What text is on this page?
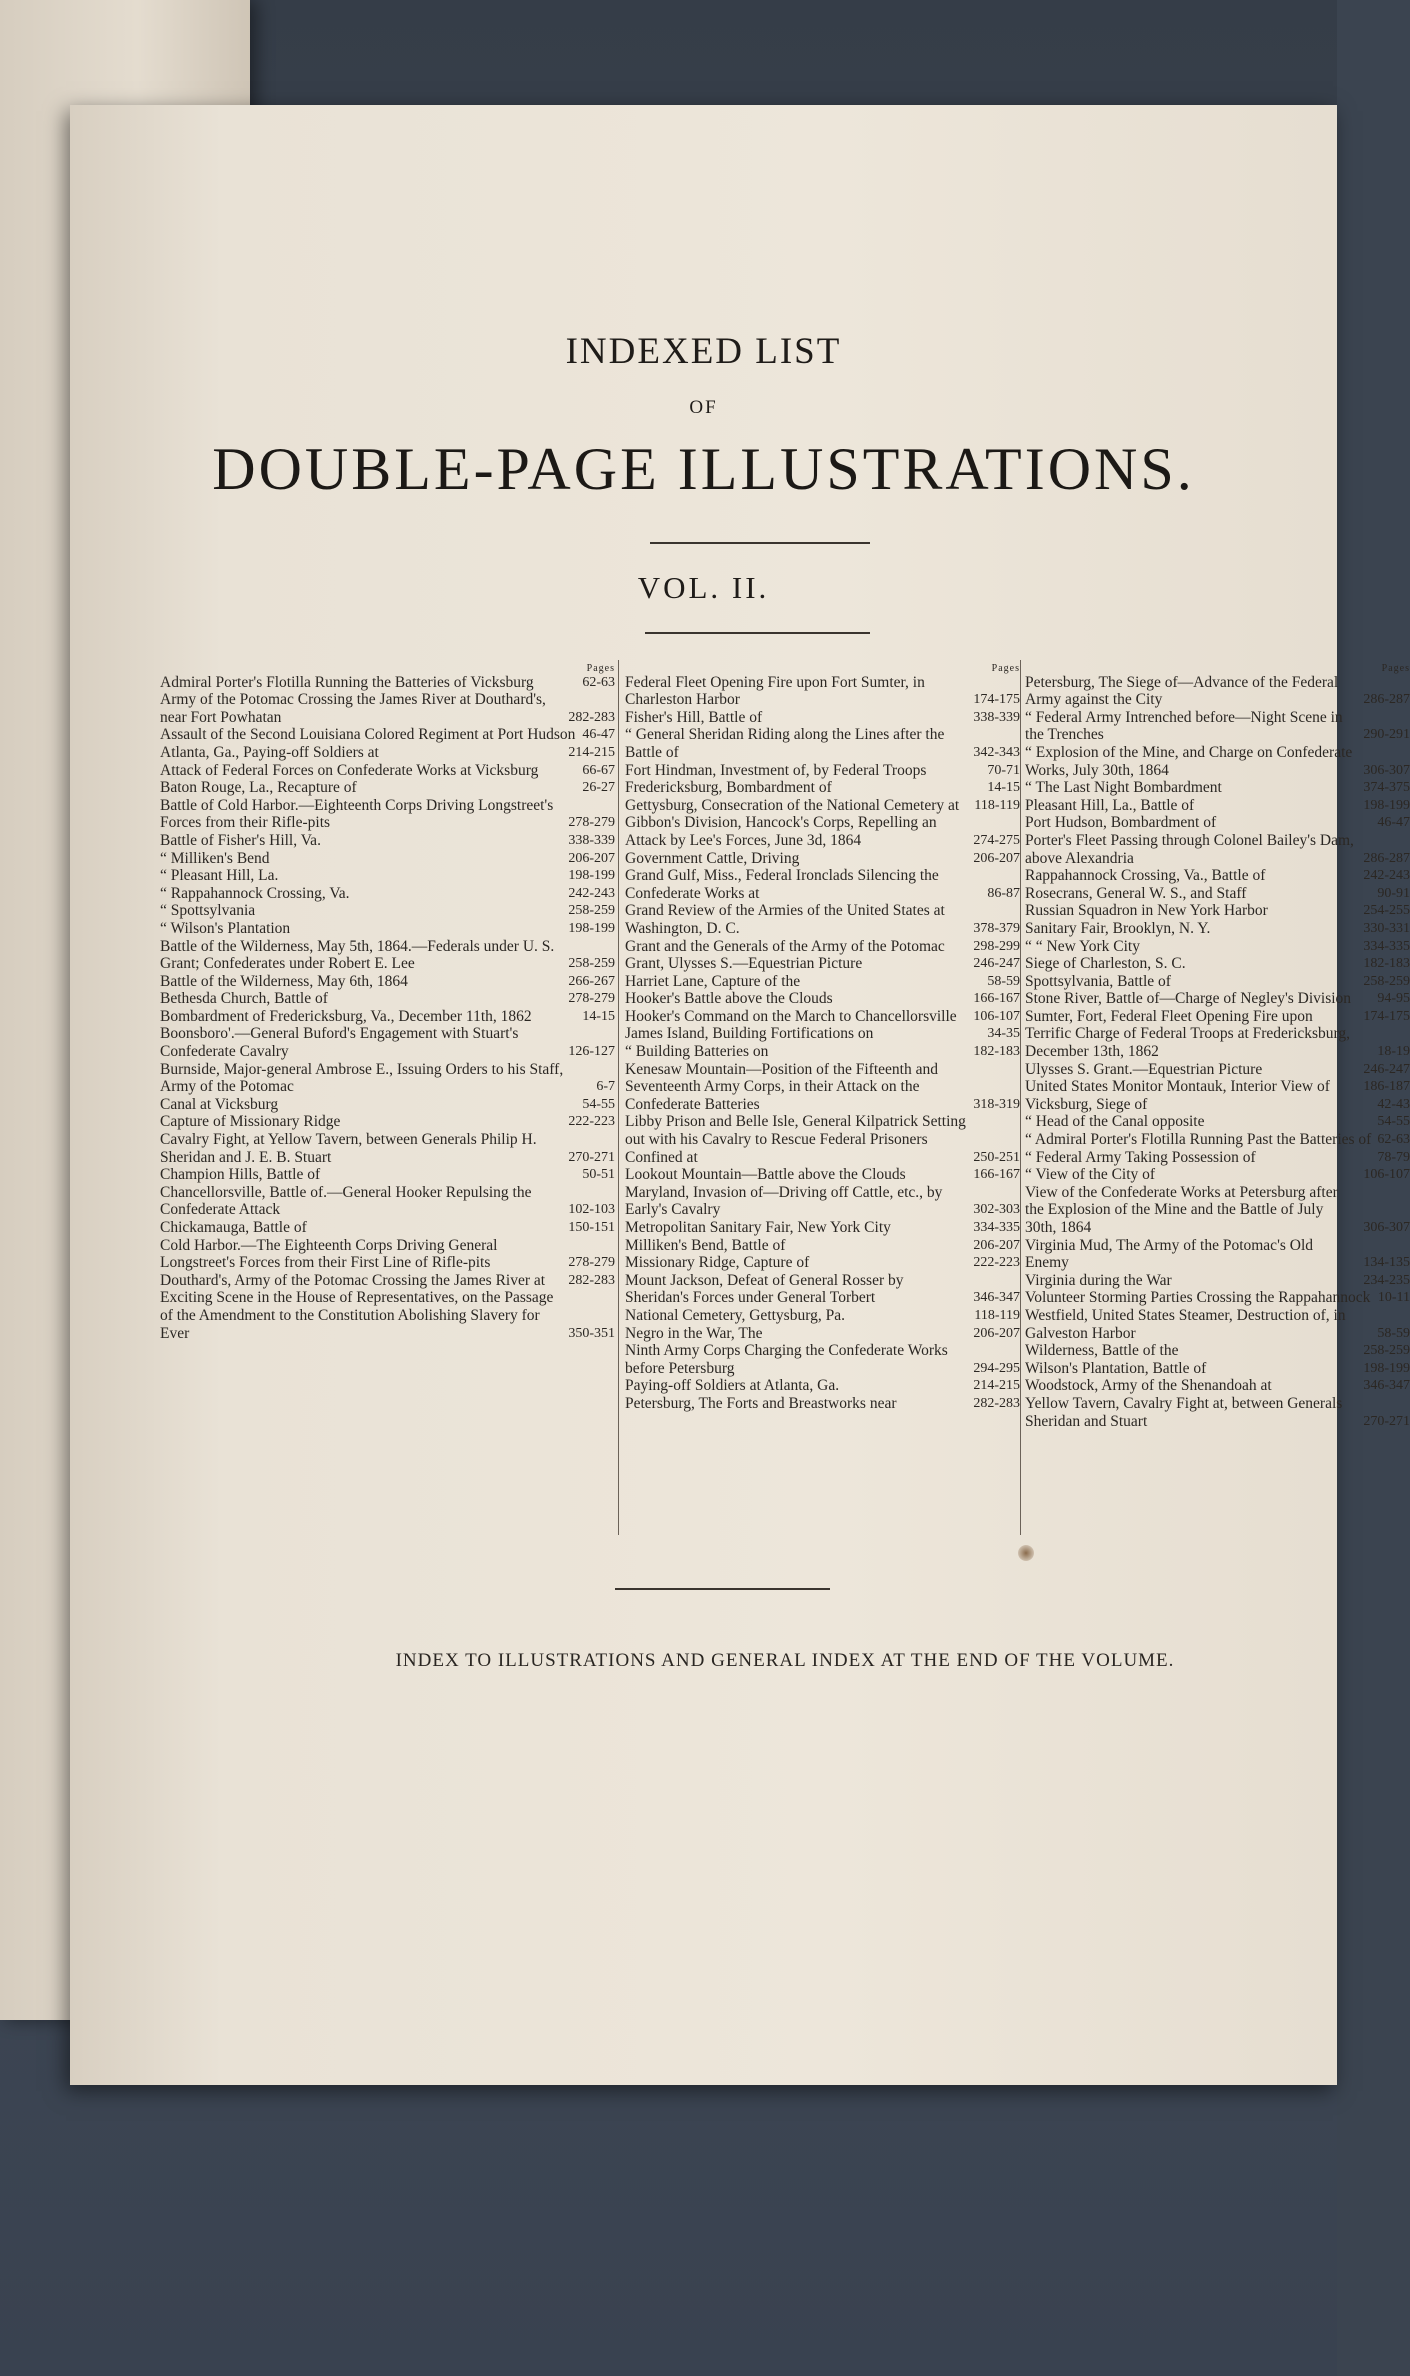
INDEXED LIST
OF
DOUBLE-PAGE ILLUSTRATIONS.
VOL. II.
Pages
Admiral Porter's Flotilla Running the Batteries of Vicksburg	62-63
Army of the Potomac Crossing the James River at Douthard's, near Fort Powhatan	282-283
Assault of the Second Louisiana Colored Regiment at Port Hudson 46-47
Atlanta, Ga., Paying-off Soldiers at	214-215
Attack of Federal Forces on Confederate Works at Vicksburg	66-67
Baton Rouge, La., Recapture of	26-27
Battle of Cold Harbor.—Eighteenth Corps Driving Longstreet's Forces from their Rifle-pits	278-279
Battle of Fisher's Hill, Va.	338-339
“ Milliken's Bend	206-207
“ Pleasant Hill, La.	198-199
“ Rappahannock Crossing, Va.	242-243
“ Spottsylvania	258-259
“ Wilson's Plantation	198-199
Battle of the Wilderness, May 5th, 1864.—Federals under U. S. Grant; Confederates under Robert E. Lee	258-259
Battle of the Wilderness, May 6th, 1864	266-267
Bethesda Church, Battle of	278-279
Bombardment of Fredericksburg, Va., December 11th, 1862	14-15
Boonsboro'.—General Buford's Engagement with Stuart's Confederate Cavalry	126-127
Burnside, Major-general Ambrose E., Issuing Orders to his Staff, Army of the Potomac	6-7
Canal at Vicksburg	54-55
Capture of Missionary Ridge	222-223
Cavalry Fight, at Yellow Tavern, between Generals Philip H. Sheridan and J. E. B. Stuart	270-271
Champion Hills, Battle of	50-51
Chancellorsville, Battle of.—General Hooker Repulsing the Confederate Attack	102-103
Chickamauga, Battle of	150-151
Cold Harbor.—The Eighteenth Corps Driving General Longstreet's Forces from their First Line of Rifle-pits	278-279
Douthard's, Army of the Potomac Crossing the James River at	282-283
Exciting Scene in the House of Representatives, on the Passage of the Amendment to the Constitution Abolishing Slavery for Ever	350-351
Pages
Federal Fleet Opening Fire upon Fort Sumter, in Charleston Harbor	174-175
Fisher's Hill, Battle of	338-339
“ General Sheridan Riding along the Lines after the Battle of	342-343
Fort Hindman, Investment of, by Federal Troops	70-71
Fredericksburg, Bombardment of	14-15
Gettysburg, Consecration of the National Cemetery at	118-119
Gibbon's Division, Hancock's Corps, Repelling an Attack by Lee's Forces, June 3d, 1864	274-275
Government Cattle, Driving	206-207
Grand Gulf, Miss., Federal Ironclads Silencing the Confederate Works at	86-87
Grand Review of the Armies of the United States at Washington, D. C.	378-379
Grant and the Generals of the Army of the Potomac	298-299
Grant, Ulysses S.—Equestrian Picture	246-247
Harriet Lane, Capture of the	58-59
Hooker's Battle above the Clouds	166-167
Hooker's Command on the March to Chancellorsville	106-107
James Island, Building Fortifications on	34-35
“ Building Batteries on	182-183
Kenesaw Mountain—Position of the Fifteenth and Seventeenth Army Corps, in their Attack on the Confederate Batteries	318-319
Libby Prison and Belle Isle, General Kilpatrick Setting out with his Cavalry to Rescue Federal Prisoners Confined at	250-251
Lookout Mountain—Battle above the Clouds	166-167
Maryland, Invasion of—Driving off Cattle, etc., by Early's Cavalry	302-303
Metropolitan Sanitary Fair, New York City	334-335
Milliken's Bend, Battle of	206-207
Missionary Ridge, Capture of	222-223
Mount Jackson, Defeat of General Rosser by Sheridan's Forces under General Torbert	346-347
National Cemetery, Gettysburg, Pa.	118-119
Negro in the War, The	206-207
Ninth Army Corps Charging the Confederate Works before Petersburg	294-295
Paying-off Soldiers at Atlanta, Ga.	214-215
Petersburg, The Forts and Breastworks near	282-283
Pages
Petersburg, The Siege of—Advance of the Federal Army against the City	286-287
“ Federal Army Intrenched before—Night Scene in the Trenches	290-291
“ Explosion of the Mine, and Charge on Confederate Works, July 30th, 1864	306-307
“ The Last Night Bombardment	374-375
Pleasant Hill, La., Battle of	198-199
Port Hudson, Bombardment of	46-47
Porter's Fleet Passing through Colonel Bailey's Dam, above Alexandria	286-287
Rappahannock Crossing, Va., Battle of	242-243
Rosecrans, General W. S., and Staff	90-91
Russian Squadron in New York Harbor	254-255
Sanitary Fair, Brooklyn, N. Y.	330-331
“ “ New York City	334-335
Siege of Charleston, S. C.	182-183
Spottsylvania, Battle of	258-259
Stone River, Battle of—Charge of Negley's Division	94-95
Sumter, Fort, Federal Fleet Opening Fire upon	174-175
Terrific Charge of Federal Troops at Fredericksburg, December 13th, 1862	18-19
Ulysses S. Grant.—Equestrian Picture	246-247
United States Monitor Montauk, Interior View of	186-187
Vicksburg, Siege of	42-43
“ Head of the Canal opposite	54-55
“ Admiral Porter's Flotilla Running Past the Batteries of 62-63
“ Federal Army Taking Possession of	78-79
“ View of the City of	106-107
View of the Confederate Works at Petersburg after the Explosion of the Mine and the Battle of July 30th, 1864	306-307
Virginia Mud, The Army of the Potomac's Old Enemy	134-135
Virginia during the War	234-235
Volunteer Storming Parties Crossing the Rappahannock 10-11
Westfield, United States Steamer, Destruction of, in Galveston Harbor	58-59
Wilderness, Battle of the	258-259
Wilson's Plantation, Battle of	198-199
Woodstock, Army of the Shenandoah at	346-347
Yellow Tavern, Cavalry Fight at, between Generals Sheridan and Stuart	270-271
INDEX TO ILLUSTRATIONS AND GENERAL INDEX AT THE END OF THE VOLUME.
